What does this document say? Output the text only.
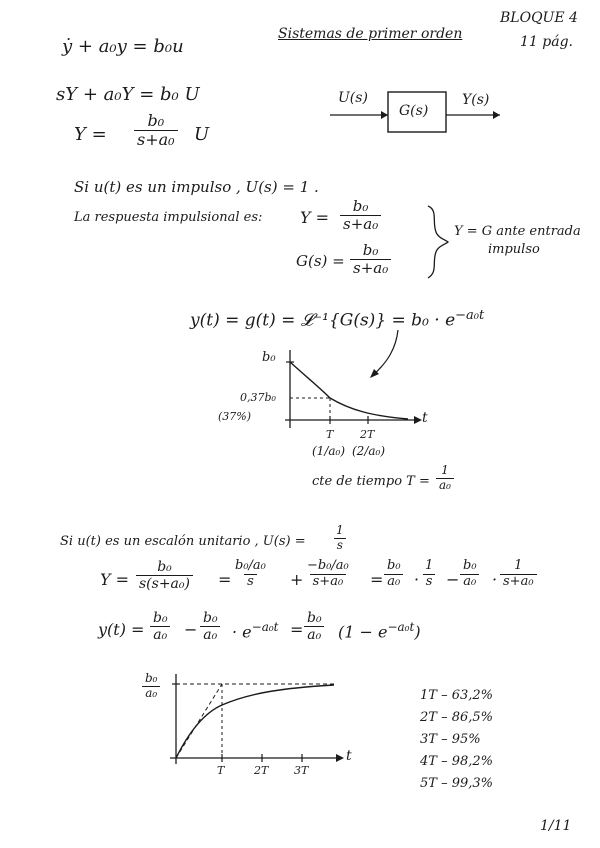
BLOQUE 4
11 pág.
Sistemas de primer orden
ẏ + a₀y = b₀u
sY + a₀Y = b₀ U
$Y = \frac{\text{b₀}}{\text{s+a₀}}$ U
U(s)
G(s)
Y(s)
Si u(t) es un impulso , U(s) = 1 .
La respuesta impulsional es: $Y = \frac{\text{b₀}}{\text{s+a₀}}$
$G(s) = \frac{\text{b₀}}{\text{s+a₀}}$
Y = G ante entrada
impulso
y(t) = g(t) = 𝓛⁻¹{G(s)} = $b_0 \cdot e^{-a_0t}$
b₀
0,37b₀
(37%)
T 2T
t
(1/a₀) (2/a₀)
cte de tiempo $T = \frac{1}{\text{a₀}}$
Si u(t) es un escalón unitario , $U(s) = \frac{1}{s}$
$Y = \frac{\text{b₀}}{\text{s(s+a₀)}} = \frac{\text{b₀/a₀}}{s} + \frac{\text{−b₀/a₀}}{\text{s+a₀}} = \frac{\text{b₀}}{\text{a₀}} \cdot \frac{1}{s} - \frac{\text{b₀}}{\text{a₀}} \cdot \frac{1}{\text{s+a₀}}$
$y(t) = \frac{\text{b₀}}{\text{a₀}} - \frac{\text{b₀}}{\text{a₀}} \cdot e^{-a_0t} = \frac{\text{b₀}}{\text{a₀}} (1 - e^{-a_0t})$
$\frac{\text{b₀}}{\text{a₀}}$
T	2T 3T
t
1T – 63,2%
2T – 86,5%
3T – 95%
4T – 98,2%
5T – 99,3%
1/11
